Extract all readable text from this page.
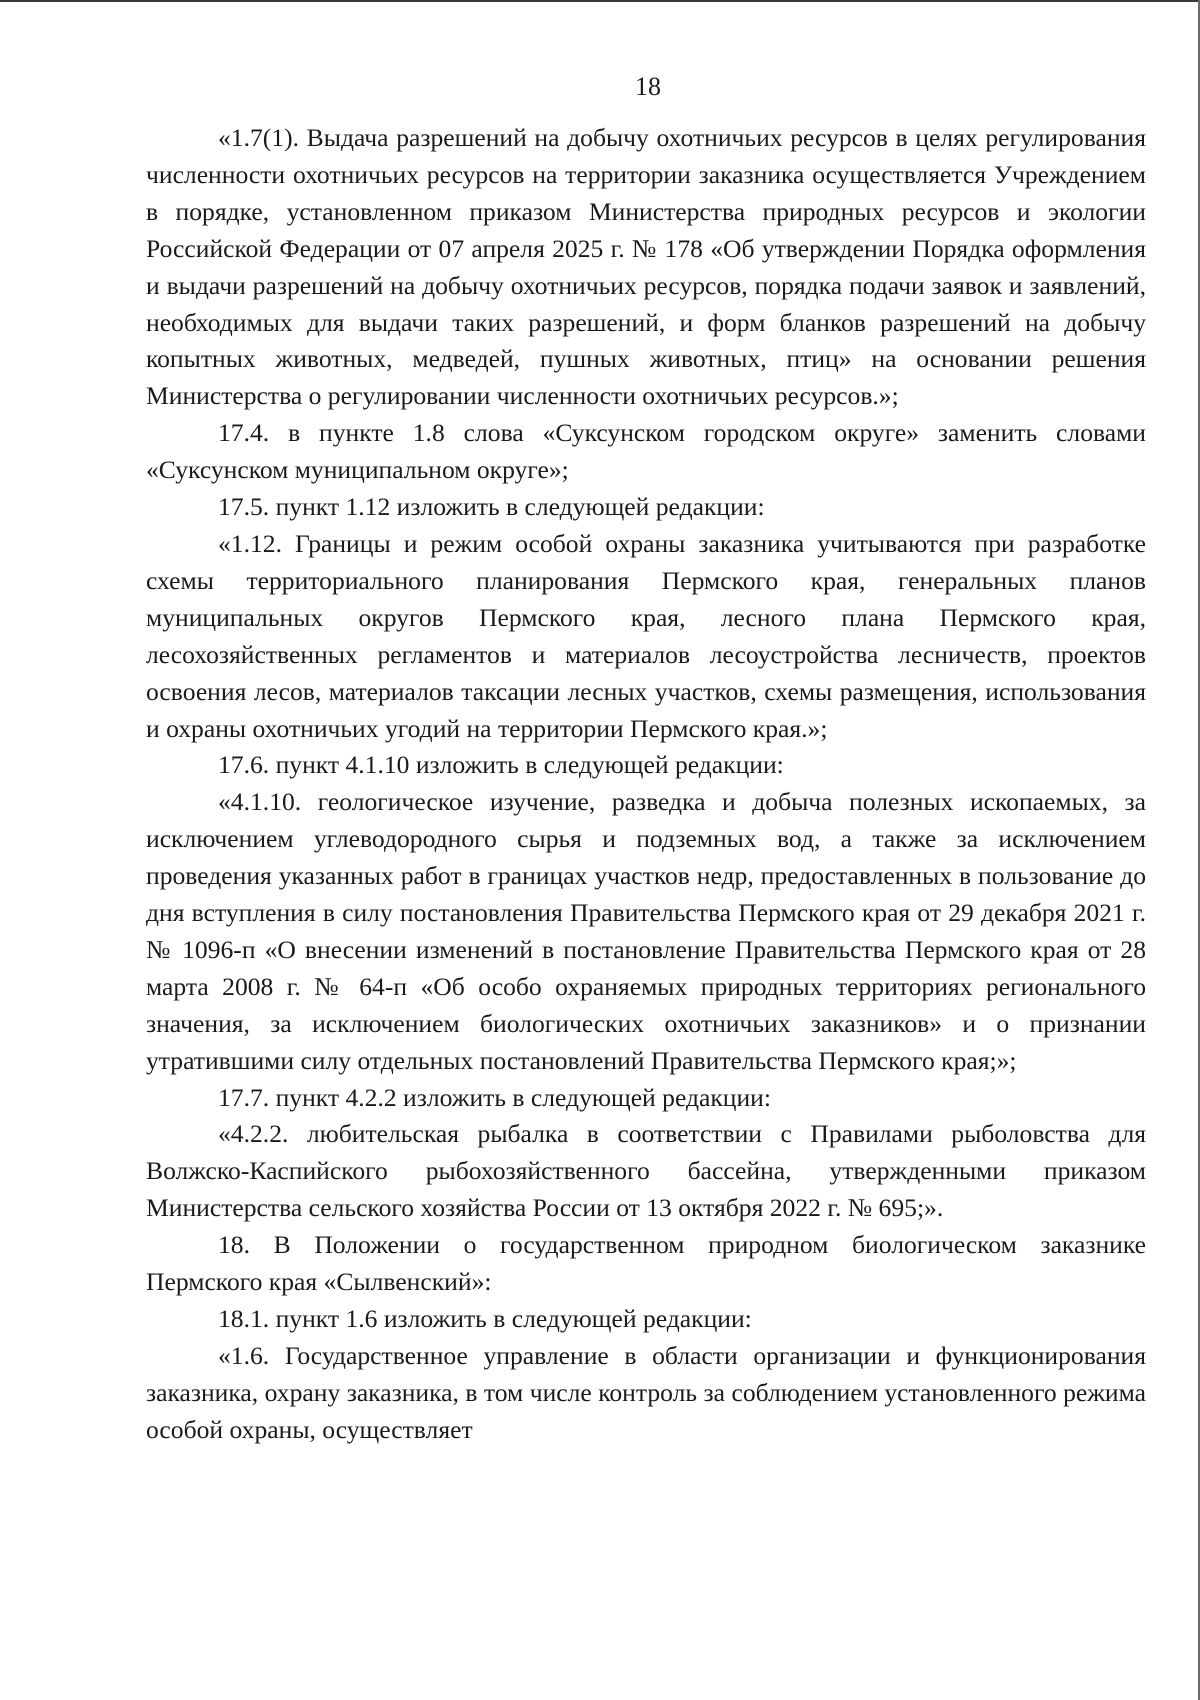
18

«1.7(1). Выдача разрешений на добычу охотничьих ресурсов в целях регулирования численности охотничьих ресурсов на территории заказника осуществляется Учреждением в порядке, установленном приказом Министерства природных ресурсов и экологии Российской Федерации от 07 апреля 2025 г. № 178 «Об утверждении Порядка оформления и выдачи разрешений на добычу охотничьих ресурсов, порядка подачи заявок и заявлений, необходимых для выдачи таких разрешений, и форм бланков разрешений на добычу копытных животных, медведей, пушных животных, птиц» на основании решения Министерства о регулировании численности охотничьих ресурсов.»;

17.4. в пункте 1.8 слова «Суксунском городском округе» заменить словами «Суксунском муниципальном округе»;

17.5. пункт 1.12 изложить в следующей редакции:

«1.12. Границы и режим особой охраны заказника учитываются при разработке схемы территориального планирования Пермского края, генеральных планов муниципальных округов Пермского края, лесного плана Пермского края, лесохозяйственных регламентов и материалов лесоустройства лесничеств, проектов освоения лесов, материалов таксации лесных участков, схемы размещения, использования и охраны охотничьих угодий на территории Пермского края.»;

17.6. пункт 4.1.10 изложить в следующей редакции:

«4.1.10. геологическое изучение, разведка и добыча полезных ископаемых, за исключением углеводородного сырья и подземных вод, а также за исключением проведения указанных работ в границах участков недр, предоставленных в пользование до дня вступления в силу постановления Правительства Пермского края от 29 декабря 2021 г. № 1096-п «О внесении изменений в постановление Правительства Пермского края от 28 марта 2008 г. № 64-п «Об особо охраняемых природных территориях регионального значения, за исключением биологических охотничьих заказников» и о признании утратившими силу отдельных постановлений Правительства Пермского края;»;

17.7. пункт 4.2.2 изложить в следующей редакции:

«4.2.2. любительская рыбалка в соответствии с Правилами рыболовства для Волжско-Каспийского рыбохозяйственного бассейна, утвержденными приказом Министерства сельского хозяйства России от 13 октября 2022 г. № 695;».

18. В Положении о государственном природном биологическом заказнике Пермского края «Сылвенский»:

18.1. пункт 1.6 изложить в следующей редакции:

«1.6. Государственное управление в области организации и функционирования заказника, охрану заказника, в том числе контроль за соблюдением установленного режима особой охраны, осуществляет
